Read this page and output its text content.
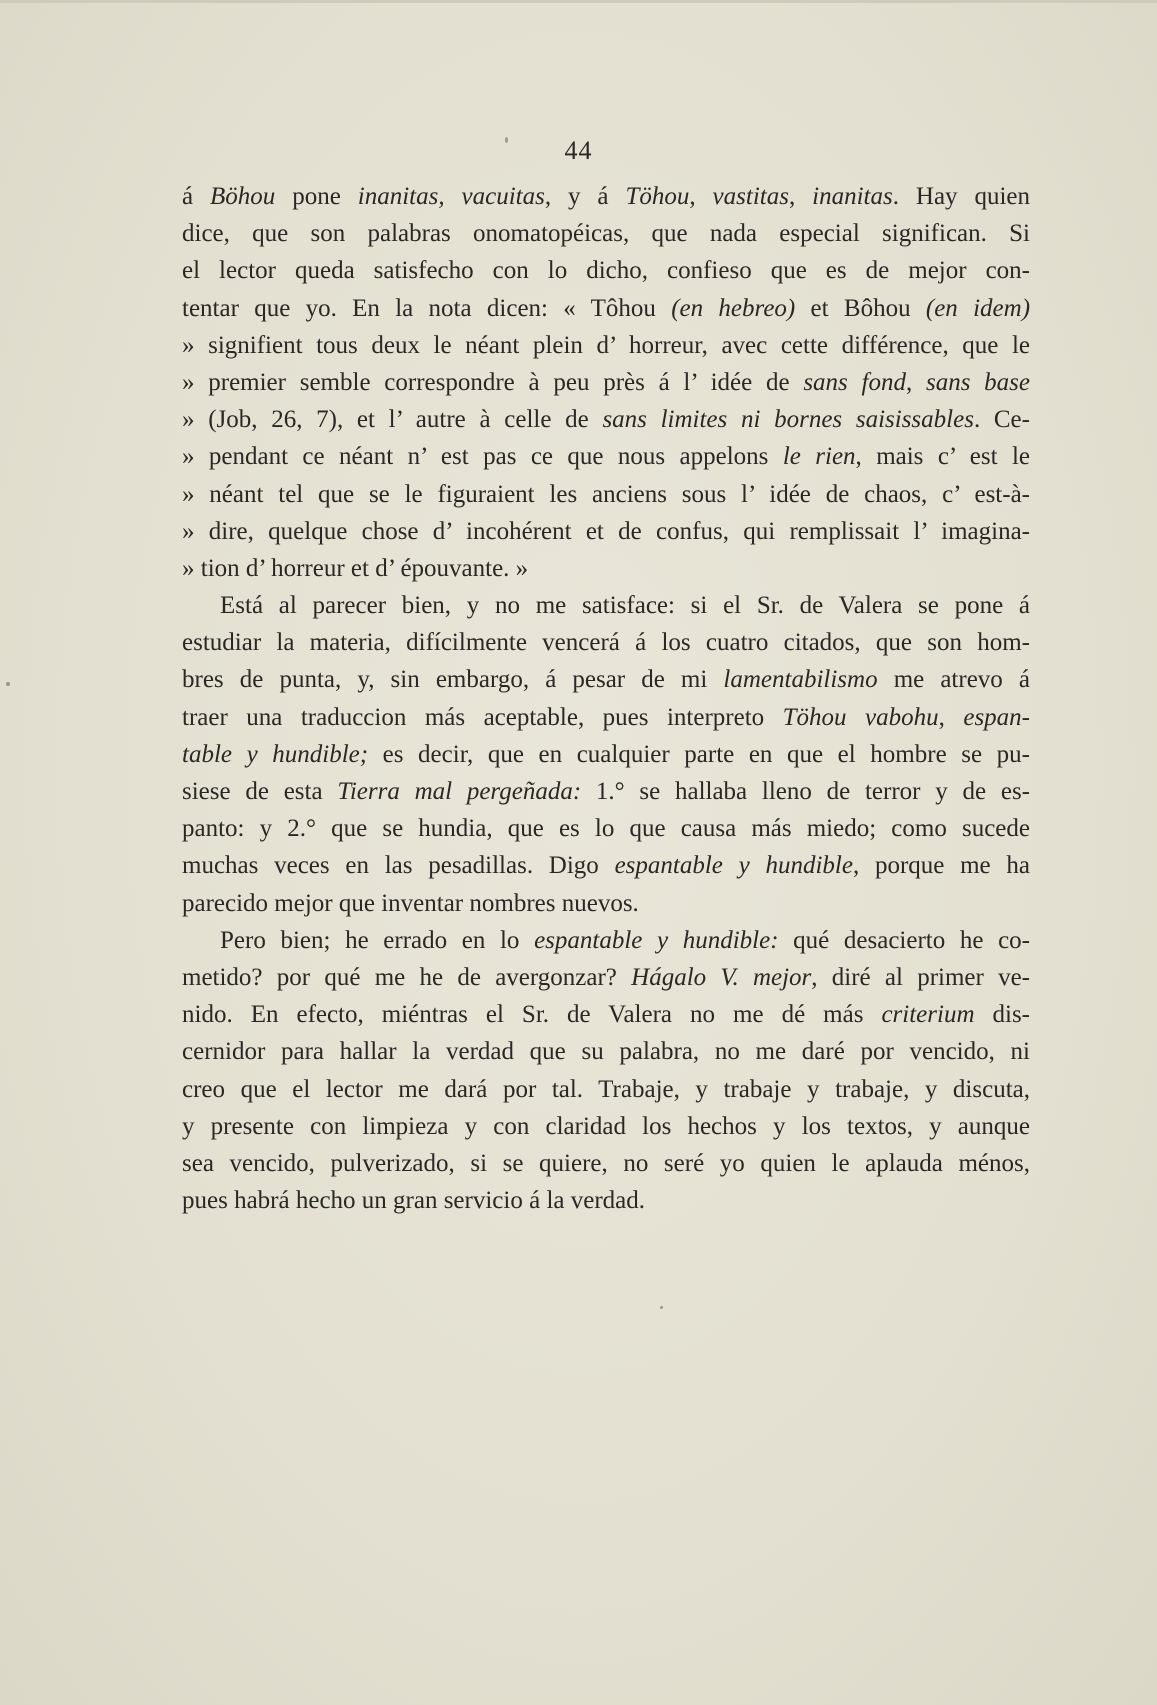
44
á Böhou pone inanitas, vacuitas, y á Töhou, vastitas, inanitas. Hay quien
dice, que son palabras onomatopéicas, que nada especial significan. Si
el lector queda satisfecho con lo dicho, confieso que es de mejor con-
tentar que yo. En la nota dicen: « Tôhou (en hebreo) et Bôhou (en idem)
» signifient tous deux le néant plein d’ horreur, avec cette différence, que le
» premier semble correspondre à peu près á l’ idée de sans fond, sans base
» (Job, 26, 7), et l’ autre à celle de sans limites ni bornes saisissables. Ce-
» pendant ce néant n’ est pas ce que nous appelons le rien, mais c’ est le
» néant tel que se le figuraient les anciens sous l’ idée de chaos, c’ est-à-
» dire, quelque chose d’ incohérent et de confus, qui remplissait l’ imagina-
» tion d’ horreur et d’ épouvante. »
Está al parecer bien, y no me satisface: si el Sr. de Valera se pone á
estudiar la materia, difícilmente vencerá á los cuatro citados, que son hom-
bres de punta, y, sin embargo, á pesar de mi lamentabilismo me atrevo á
traer una traduccion más aceptable, pues interpreto Töhou vabohu, espan-
table y hundible; es decir, que en cualquier parte en que el hombre se pu-
siese de esta Tierra mal pergeñada: 1.° se hallaba lleno de terror y de es-
panto: y 2.° que se hundia, que es lo que causa más miedo; como sucede
muchas veces en las pesadillas. Digo espantable y hundible, porque me ha
parecido mejor que inventar nombres nuevos.
Pero bien; he errado en lo espantable y hundible: qué desacierto he co-
metido? por qué me he de avergonzar? Hágalo V. mejor, diré al primer ve-
nido. En efecto, miéntras el Sr. de Valera no me dé más criterium dis-
cernidor para hallar la verdad que su palabra, no me daré por vencido, ni
creo que el lector me dará por tal. Trabaje, y trabaje y trabaje, y discuta,
y presente con limpieza y con claridad los hechos y los textos, y aunque
sea vencido, pulverizado, si se quiere, no seré yo quien le aplauda ménos,
pues habrá hecho un gran servicio á la verdad.
